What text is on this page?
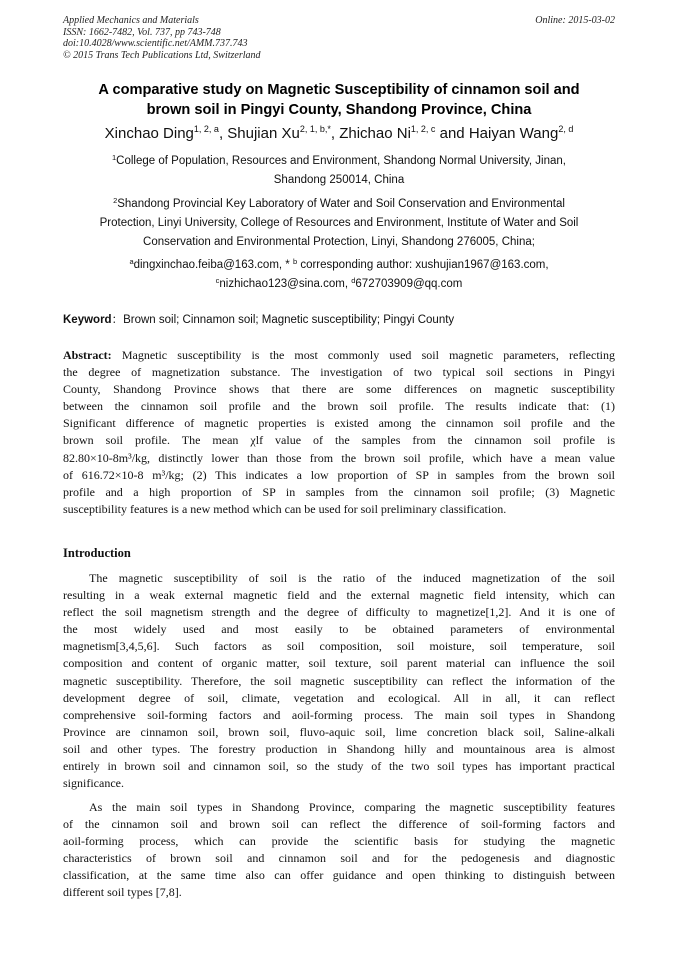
Applied Mechanics and Materials
ISSN: 1662-7482, Vol. 737, pp 743-748
doi:10.4028/www.scientific.net/AMM.737.743
© 2015 Trans Tech Publications Ltd, Switzerland
Online: 2015-03-02
A comparative study on Magnetic Susceptibility of cinnamon soil and
brown soil in Pingyi County, Shandong Province, China
Xinchao Ding$^{1, 2, a}$, Shujian $Xu^{2, 1, b,*}$, Zhichao Ni$^{1, 2, c}$ and Haiyan Wang$^{2, d}$
$^1$College of Population, Resources and Environment, Shandong Normal University, Jinan,
Shandong 250014, China
$^2$Shandong Provincial Key Laboratory of Water and Soil Conservation and Environmental
Protection, Linyi University, College of Resources and Environment, Institute of Water and Soil
Conservation and Environmental Protection, Linyi, Shandong 276005, China;
$^a$dingxinchao.feiba@163.com, * $^b$ corresponding author: xushujian1967@163.com,
$^c$nizhichao123@sina.com, $^d$672703909@qq.com
Keyword：Brown soil; Cinnamon soil; Magnetic susceptibility; Pingyi County
Abstract: Magnetic susceptibility is the most commonly used soil magnetic parameters, reflecting
the degree of magnetization substance. The investigation of two typical soil sections in Pingyi
County, Shandong Province shows that there are some differences on magnetic susceptibility
between the cinnamon soil profile and the brown soil profile. The results indicate that: (1)
Significant difference of magnetic properties is existed among the cinnamon soil profile and the
brown soil profile. The mean χlf value of the samples from the cinnamon soil profile is
82.80×10-8m³/kg, distinctly lower than those from the brown soil profile, which have a mean value
of 616.72×10-8 m³/kg; (2) This indicates a low proportion of SP in samples from the brown soil
profile and a high proportion of SP in samples from the cinnamon soil profile; (3) Magnetic
susceptibility features is a new method which can be used for soil preliminary classification.
Introduction
The magnetic susceptibility of soil is the ratio of the induced magnetization of the soil
resulting in a weak external magnetic field and the external magnetic field intensity, which can
reflect the soil magnetism strength and the degree of difficulty to magnetize[1,2]. And it is one of
the most widely used and most easily to be obtained parameters of environmental
magnetism[3,4,5,6]. Such factors as soil composition, soil moisture, soil temperature, soil
composition and content of organic matter, soil texture, soil parent material can influence the soil
magnetic susceptibility. Therefore, the soil magnetic susceptibility can reflect the information of the
development degree of soil, climate, vegetation and ecological. All in all, it can reflect
comprehensive soil-forming factors and aoil-forming process. The main soil types in Shandong
Province are cinnamon soil, brown soil, fluvo-aquic soil, lime concretion black soil, Saline-alkali
soil and other types. The forestry production in Shandong hilly and mountainous area is almost
entirely in brown soil and cinnamon soil, so the study of the two soil types has important practical
significance.
As the main soil types in Shandong Province, comparing the magnetic susceptibility features
of the cinnamon soil and brown soil can reflect the difference of soil-forming factors and
aoil-forming process, which can provide the scientific basis for studying the magnetic
characteristics of brown soil and cinnamon soil and for the pedogenesis and diagnostic
classification, at the same time also can offer guidance and open thinking to distinguish between
different soil types [7,8].
